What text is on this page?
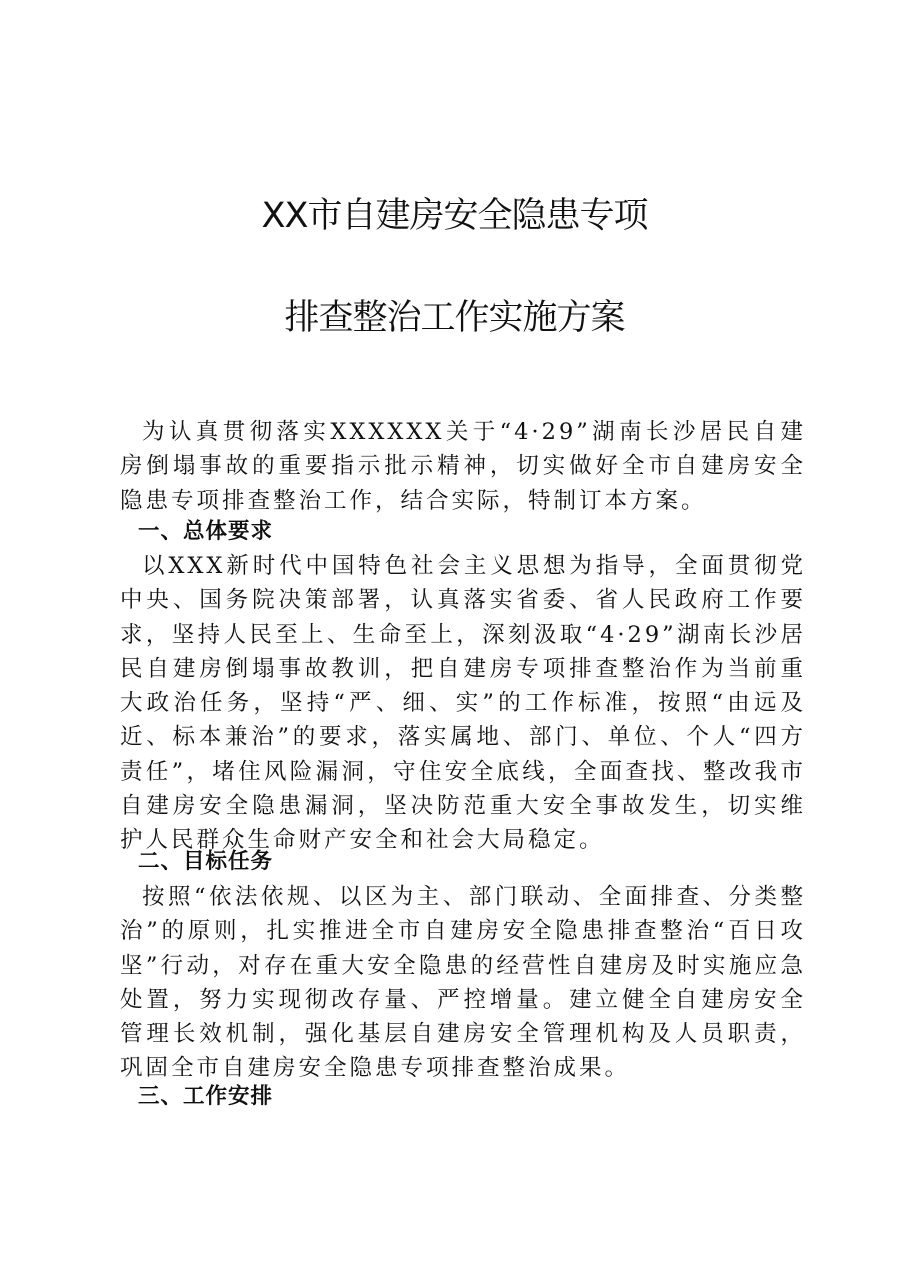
XX市自建房安全隐患专项
排查整治工作实施方案

为认真贯彻落实XXXXXX关于“4·29”湖南长沙居民自建房倒塌事故的重要指示批示精神，切实做好全市自建房安全隐患专项排查整治工作，结合实际，特制订本方案。

一、总体要求

以XXX新时代中国特色社会主义思想为指导，全面贯彻党中央、国务院决策部署，认真落实省委、省人民政府工作要求，坚持人民至上、生命至上，深刻汲取“4·29”湖南长沙居民自建房倒塌事故教训，把自建房专项排查整治作为当前重大政治任务，坚持“严、细、实”的工作标准，按照“由远及近、标本兼治”的要求，落实属地、部门、单位、个人“四方责任”，堵住风险漏洞，守住安全底线，全面查找、整改我市自建房安全隐患漏洞，坚决防范重大安全事故发生，切实维护人民群众生命财产安全和社会大局稳定。

二、目标任务

按照“依法依规、以区为主、部门联动、全面排查、分类整治”的原则，扎实推进全市自建房安全隐患排查整治“百日攻坚”行动，对存在重大安全隐患的经营性自建房及时实施应急处置，努力实现彻改存量、严控增量。建立健全自建房安全管理长效机制，强化基层自建房安全管理机构及人员职责，巩固全市自建房安全隐患专项排查整治成果。

三、工作安排
